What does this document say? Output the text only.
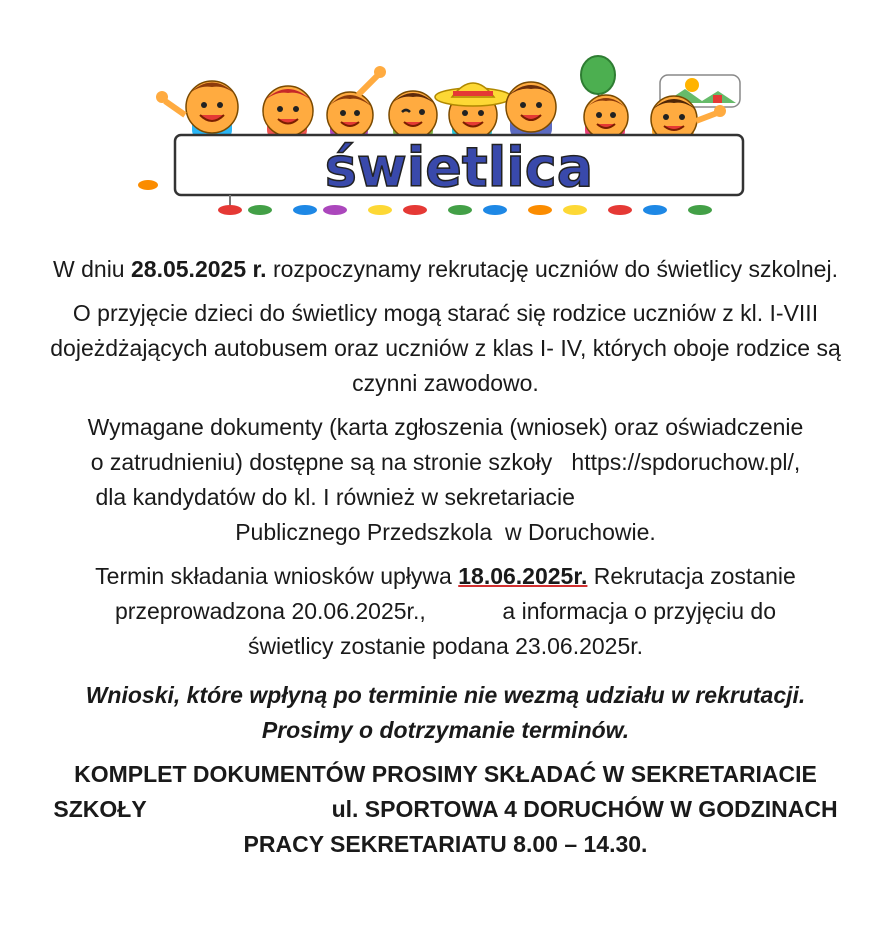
świetlica

W dniu 28.05.2025 r. rozpoczynamy rekrutację uczniów do świetlicy szkolnej.

O przyjęcie dzieci do świetlicy mogą starać się rodzice uczniów z kl. I-VIII dojeżdżających autobusem oraz uczniów z klas I- IV, których oboje rodzice są czynni zawodowo.

Wymagane dokumenty (karta zgłoszenia (wniosek) oraz oświadczenie
o zatrudnieniu) dostępne są na stronie szkoły   https://spdoruchow.pl/,
dla kandydatów do kl. I również w sekretariacie
Publicznego Przedszkola  w Doruchowie.

Termin składania wniosków upływa 18.06.2025r. Rekrutacja zostanie
przeprowadzona 20.06.2025r.,            a informacja o przyjęciu do
świetlicy zostanie podana 23.06.2025r.

Wnioski, które wpłyną po terminie nie wezmą udziału w rekrutacji.
Prosimy o dotrzymanie terminów.

KOMPLET DOKUMENTÓW PROSIMY SKŁADAĆ W SEKRETARIACIE
SZKOŁY                             ul. SPORTOWA 4 DORUCHÓW W GODZINACH
PRACY SEKRETARIATU 8.00 – 14.30.
